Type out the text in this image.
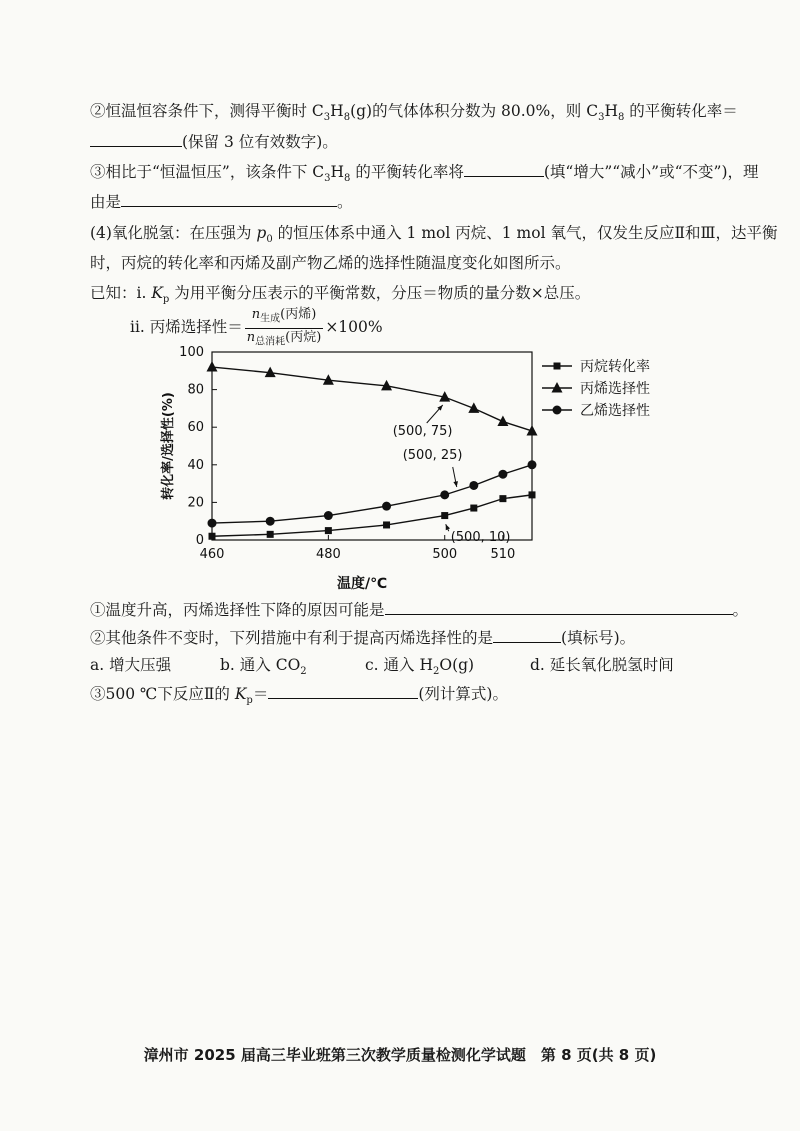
②恒温恒容条件下，测得平衡时 $C_3H_8(g)$的气体体积分数为 80.0%，则 $C_3H_8$ 的平衡转化率＝
(保留 3 位有效数字)。
③相比于“恒温恒压”，该条件下 $C_3H_8$ 的平衡转化率将	(填“增大”“减小”或“不变”)，理
由是	。
(4)氧化脱氢：在压强为 $p_0$ 的恒压体系中通入 1 mol 丙烷、1 mol 氧气，仅发生反应Ⅱ和Ⅲ，达平衡
时，丙烷的转化率和丙烯及副产物乙烯的选择性随温度变化如图所示。
已知：ⅰ. $K_p$ 为用平衡分压表示的平衡常数，分压＝物质的量分数×总压。
ⅱ. 丙烯选择性＝ $\frac{n_{生成}(丙烯)}{n_{总消耗}(丙烷)} \times 100\%$
0
20
40
60
80
100
460	480	500	510
温度/℃
转化率/选择性(%)
丙烷转化率
丙烯选择性
乙烯选择性
(500, 75)
(500, 25)
(500, 10)
①温度升高，丙烯选择性下降的原因可能是	。
②其他条件不变时，下列措施中有利于提高丙烯选择性的是	(填标号)。
a. 增大压强	b. 通入 $CO_2$	c. 通入 $H_2O(g)$	d. 延长氧化脱氢时间
③500 ℃下反应Ⅱ的 $K_p=$	(列计算式)。
漳州市 2025 届高三毕业班第三次教学质量检测化学试题　第 8 页(共 8 页)
